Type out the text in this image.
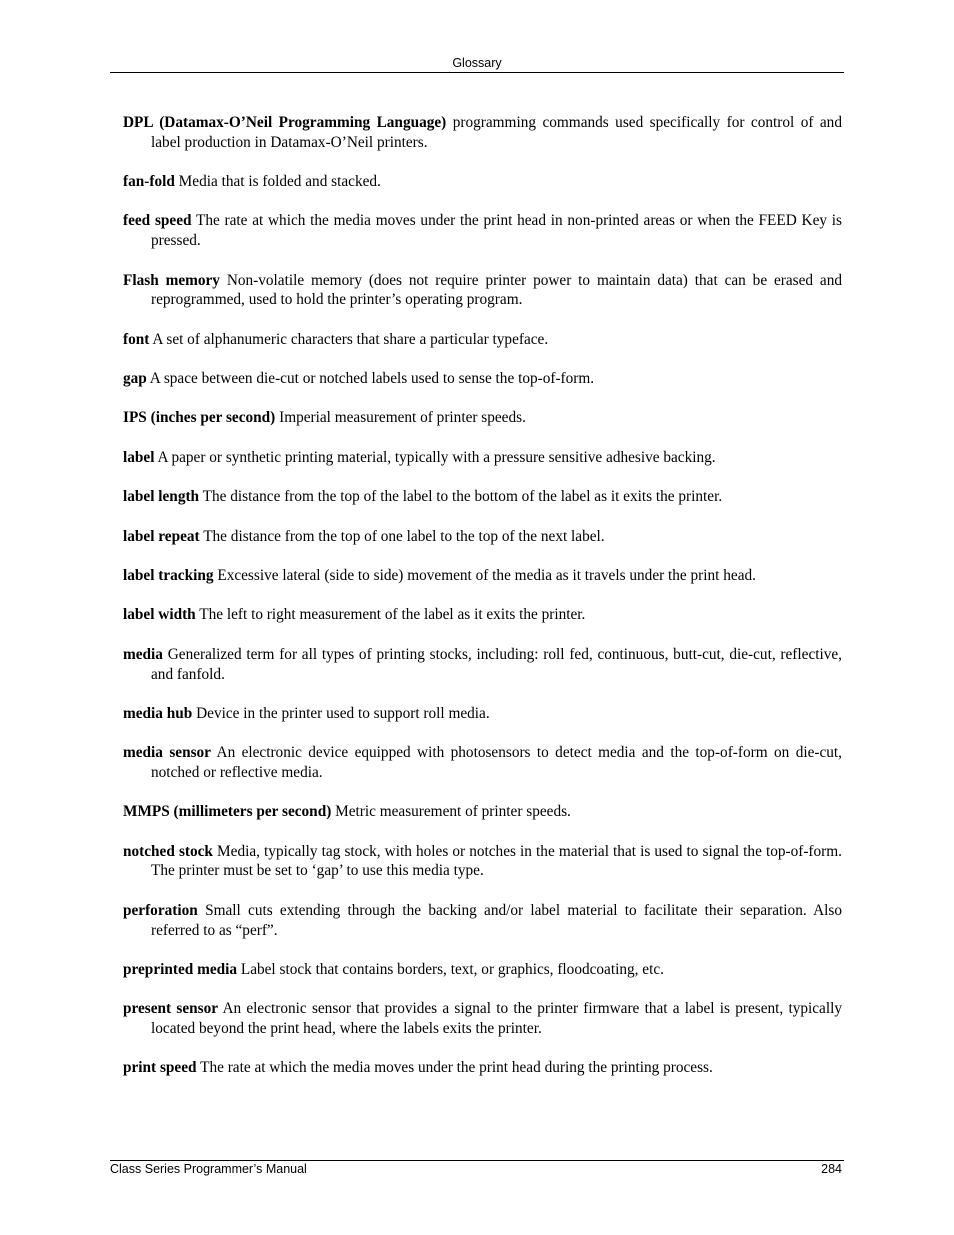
Glossary

DPL (Datamax-O’Neil Programming Language) programming commands used specifically for control of and label production in Datamax-O’Neil printers.

fan-fold Media that is folded and stacked.

feed speed The rate at which the media moves under the print head in non-printed areas or when the FEED Key is pressed.

Flash memory Non-volatile memory (does not require printer power to maintain data) that can be erased and reprogrammed, used to hold the printer’s operating program.

font A set of alphanumeric characters that share a particular typeface.

gap A space between die-cut or notched labels used to sense the top-of-form.

IPS (inches per second) Imperial measurement of printer speeds.

label A paper or synthetic printing material, typically with a pressure sensitive adhesive backing.

label length The distance from the top of the label to the bottom of the label as it exits the printer.

label repeat The distance from the top of one label to the top of the next label.

label tracking Excessive lateral (side to side) movement of the media as it travels under the print head.

label width The left to right measurement of the label as it exits the printer.

media Generalized term for all types of printing stocks, including: roll fed, continuous, butt-cut, die-cut, reflective, and fanfold.

media hub Device in the printer used to support roll media.

media sensor An electronic device equipped with photosensors to detect media and the top-of-form on die-cut, notched or reflective media.

MMPS (millimeters per second) Metric measurement of printer speeds.

notched stock Media, typically tag stock, with holes or notches in the material that is used to signal the top-of-form. The printer must be set to ‘gap’ to use this media type.

perforation Small cuts extending through the backing and/or label material to facilitate their separation. Also referred to as “perf”.

preprinted media Label stock that contains borders, text, or graphics, floodcoating, etc.

present sensor An electronic sensor that provides a signal to the printer firmware that a label is present, typically located beyond the print head, where the labels exits the printer.

print speed The rate at which the media moves under the print head during the printing process.

Class Series Programmer’s Manual	284
